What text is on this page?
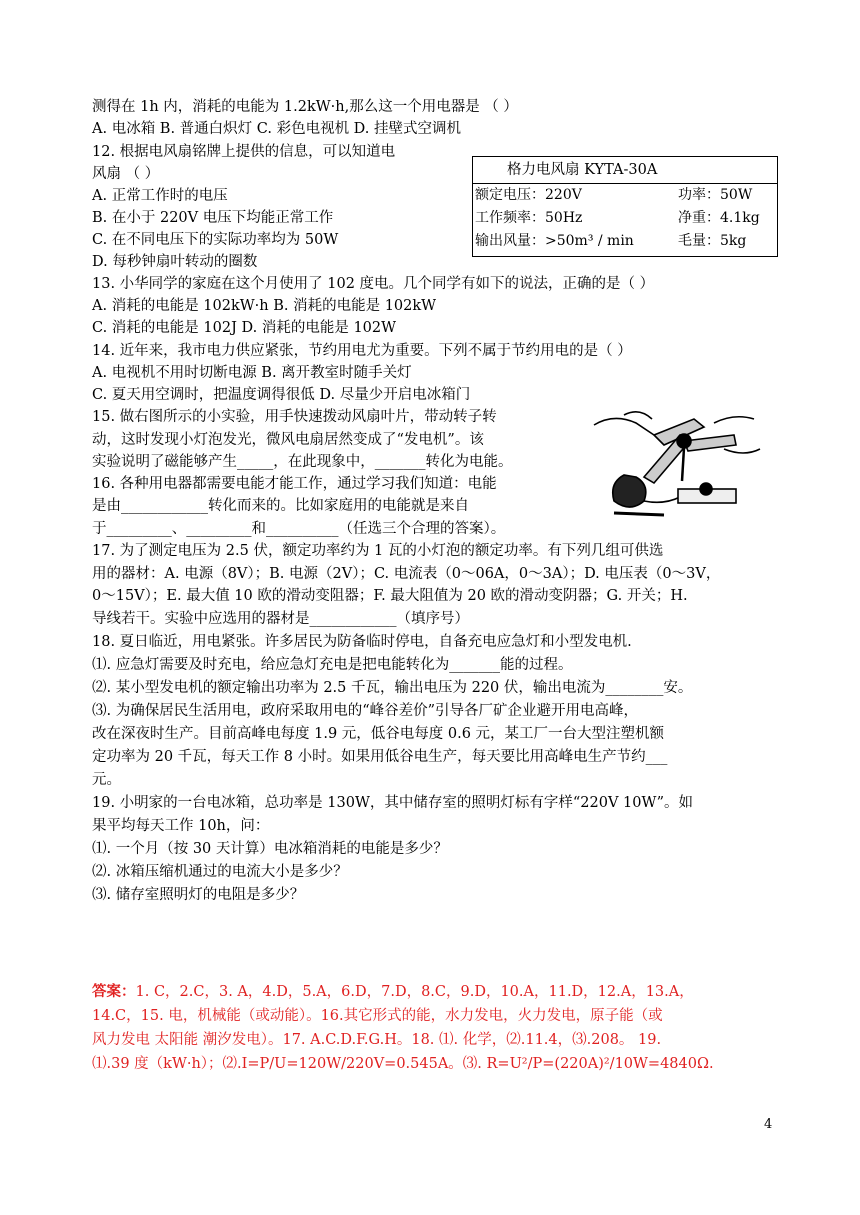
测得在 1h 内，消耗的电能为 1.2kW·h,那么这一个用电器是 （ ）
A. 电冰箱 B. 普通白炽灯 C. 彩色电视机 D. 挂壁式空调机
12. 根据电风扇铭牌上提供的信息，可以知道电
风扇 （ ）
A. 正常工作时的电压
B. 在小于 220V 电压下均能正常工作
C. 在不同电压下的实际功率均为 50W
D. 每秒钟扇叶转动的圈数
13. 小华同学的家庭在这个月使用了 102 度电。几个同学有如下的说法，正确的是（ ）
A. 消耗的电能是 102kW·h B. 消耗的电能是 102kW
C. 消耗的电能是 102J D. 消耗的电能是 102W
14. 近年来，我市电力供应紧张，节约用电尤为重要。下列不属于节约用电的是（ ）
A. 电视机不用时切断电源 B. 离开教室时随手关灯
C. 夏天用空调时，把温度调得很低 D. 尽量少开启电冰箱门
15. 做右图所示的小实验，用手快速拨动风扇叶片，带动转子转
动，这时发现小灯泡发光，微风电扇居然变成了“发电机”。该
实验说明了磁能够产生_____，在此现象中，_______转化为电能。
16. 各种用电器都需要电能才能工作，通过学习我们知道：电能
是由____________转化而来的。比如家庭用的电能就是来自
于_________、_________和__________（任选三个合理的答案）。
17. 为了测定电压为 2.5 伏，额定功率约为 1 瓦的小灯泡的额定功率。有下列几组可供选
用的器材：A. 电源（8V）；B. 电源（2V）；C. 电流表（0～06A，0～3A）；D. 电压表（0～3V，
0～15V）；E. 最大值 10 欧的滑动变阻器；F. 最大阻值为 20 欧的滑动变阴器；G. 开关；H.
导线若干。实验中应选用的器材是____________（填序号）
18. 夏日临近，用电紧张。许多居民为防备临时停电，自备充电应急灯和小型发电机.
⑴. 应急灯需要及时充电，给应急灯充电是把电能转化为_______能的过程。
⑵. 某小型发电机的额定输出功率为 2.5 千瓦，输出电压为 220 伏，输出电流为________安。
⑶. 为确保居民生活用电，政府采取用电的“峰谷差价”引导各厂矿企业避开用电高峰，
改在深夜时生产。目前高峰电每度 1.9 元，低谷电每度 0.6 元，某工厂一台大型注塑机额
定功率为 20 千瓦，每天工作 8 小时。如果用低谷电生产，每天要比用高峰电生产节约___
元。
19. 小明家的一台电冰箱，总功率是 130W，其中储存室的照明灯标有字样“220V 10W”。如
果平均每天工作 10h，问：
⑴. 一个月（按 30 天计算）电冰箱消耗的电能是多少？
⑵. 冰箱压缩机通过的电流大小是多少？
⑶. 储存室照明灯的电阻是多少？
格力电风扇 KYTA-30A
额定电压：220V	功率：50W
工作频率：50Hz	净重：4.1kg
输出风量：>50m³ / min	毛量：5kg
答案：1. C，2.C，3. A，4.D，5.A，6.D，7.D，8.C，9.D，10.A，11.D，12.A，13.A，
14.C，15. 电，机械能（或动能）。16.其它形式的能，水力发电，火力发电，原子能（或
风力发电 太阳能 潮汐发电）。17. A.C.D.F.G.H。18. ⑴. 化学，⑵.11.4，⑶.208。 19.
⑴.39 度（kW·h）；⑵.I=P/U=120W/220V=0.545A。⑶. R=U²/P=(220A)²/10W=4840Ω.
4
